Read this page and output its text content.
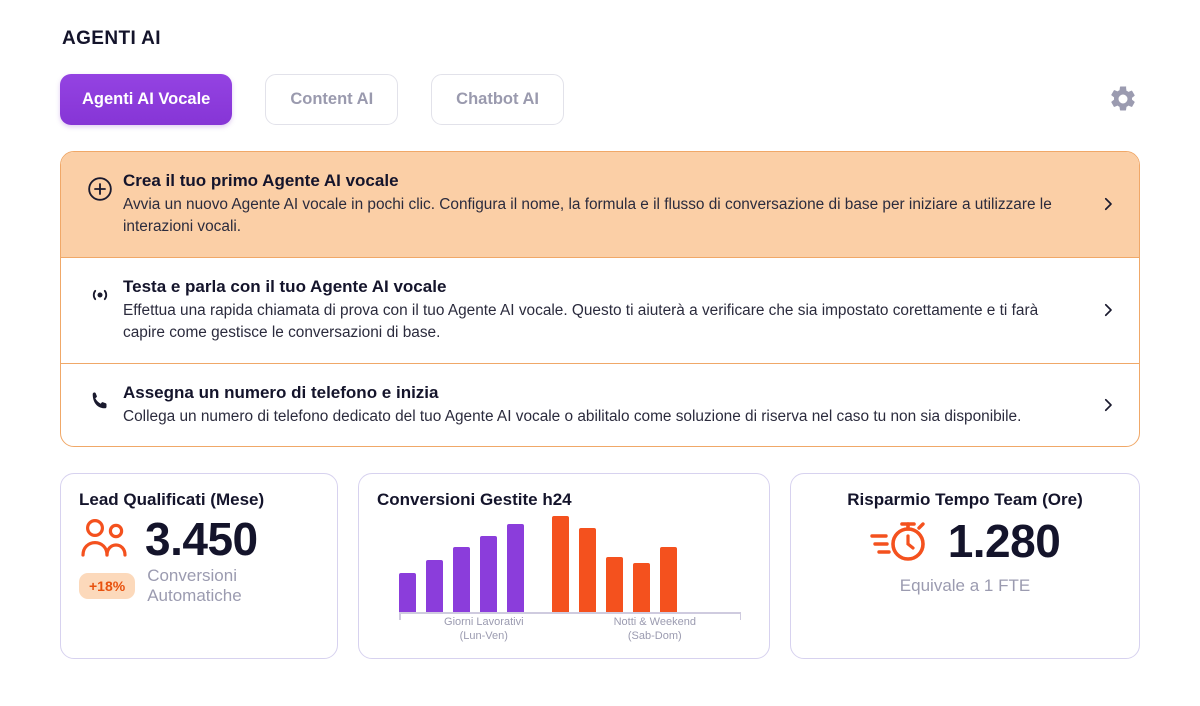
AGENTI AI
Agenti AI Vocale	Content AI	Chatbot AI
Crea il tuo primo Agente AI vocale
Avvia un nuovo Agente AI vocale in pochi clic. Configura il nome, la formula e il flusso di conversazione di base per iniziare a utilizzare le interazioni vocali.
Testa e parla con il tuo Agente AI vocale
Effettua una rapida chiamata di prova con il tuo Agente AI vocale. Questo ti aiuterà a verificare che sia impostato corettamente e ti farà capire come gestisce le conversazioni di base.
Assegna un numero di telefono e inizia
Collega un numero di telefono dedicato del tuo Agente AI vocale o abilitalo come soluzione di riserva nel caso tu non sia disponibile.
Lead Qualificati (Mese)
3.450
+18%
Conversioni
Automatiche
Conversioni Gestite h24
Giorni Lavorativi
(Lun-Ven)
Notti & Weekend
(Sab-Dom)
Risparmio Tempo Team (Ore)
1.280
Equivale a 1 FTE
